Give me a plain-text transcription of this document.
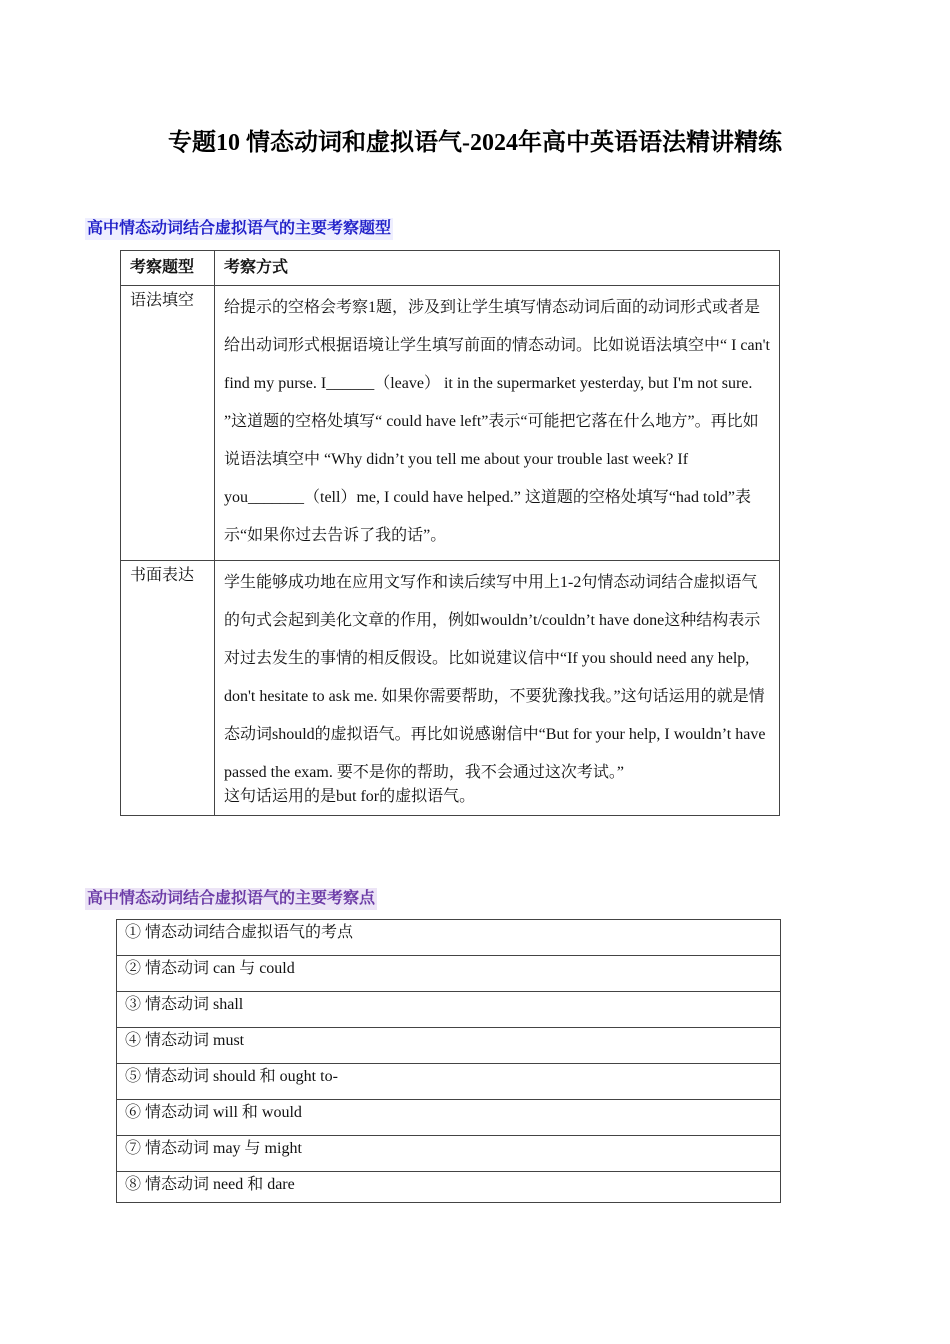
专题10 情态动词和虚拟语气-2024年高中英语语法精讲精练
高中情态动词结合虚拟语气的主要考察题型
考察题型	考察方式
语法填空	给提示的空格会考察1题，涉及到让学生填写情态动词后面的动词形式或者是给出动词形式根据语境让学生填写前面的情态动词。比如说语法填空中“ I can't find my purse. I______（leave） it in the supermarket yesterday, but I'm not sure. ”这道题的空格处填写“ could have left”表示“可能把它落在什么地方”。再比如说语法填空中 “Why didn’t you tell me about your trouble last week? If you_______（tell）me, I could have helped.” 这道题的空格处填写“had told”表示“如果你过去告诉了我的话”。
书面表达	学生能够成功地在应用文写作和读后续写中用上1-2句情态动词结合虚拟语气的句式会起到美化文章的作用，例如wouldn’t/couldn’t have done这种结构表示对过去发生的事情的相反假设。比如说建议信中“If you should need any help, don't hesitate to ask me. 如果你需要帮助，不要犹豫找我。”这句话运用的就是情态动词should的虚拟语气。再比如说感谢信中“But for your help, I wouldn’t have passed the exam. 要不是你的帮助，我不会通过这次考试。”
这句话运用的是but for的虚拟语气。
高中情态动词结合虚拟语气的主要考察点
① 情态动词结合虚拟语气的考点
② 情态动词 can 与 could
③ 情态动词 shall
④ 情态动词 must
⑤ 情态动词 should 和 ought to-
⑥ 情态动词 will 和 would
⑦ 情态动词 may 与 might
⑧ 情态动词 need 和 dare
